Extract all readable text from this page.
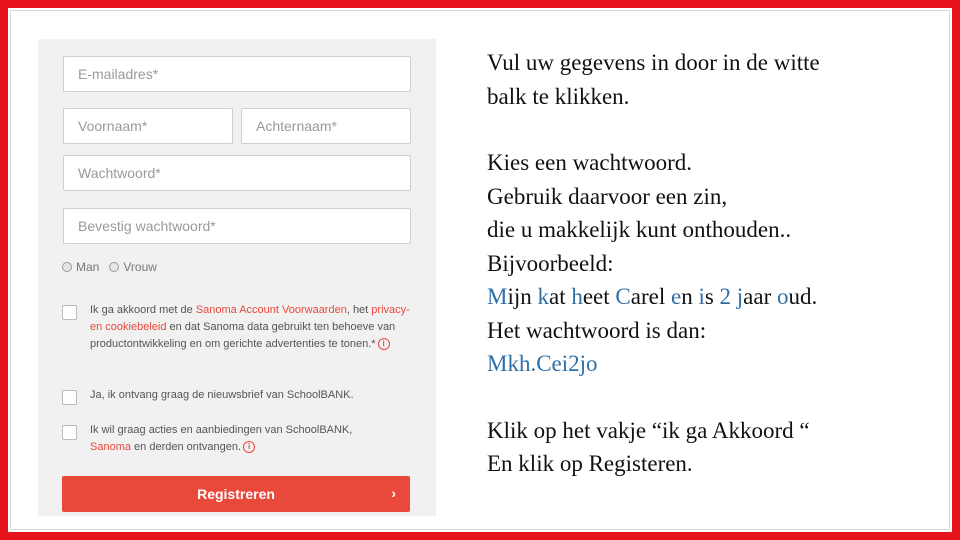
E-mailadres*
Voornaam*
Achternaam*
Wachtwoord*
Bevestig wachtwoord*
Man Vrouw
Ik ga akkoord met de Sanoma Account Voorwaarden, het privacy- en cookiebeleid en dat Sanoma data gebruikt ten behoeve van productontwikkeling en om gerichte advertenties te tonen.* i
Ja, ik ontvang graag de nieuwsbrief van SchoolBANK.
Ik wil graag acties en aanbiedingen van SchoolBANK,
Sanoma en derden ontvangen. i
Registreren	›

Vul uw gegevens in door in de witte

balk te klikken.

Kies een wachtwoord.

Gebruik daarvoor een zin,

die u makkelijk kunt onthouden..

Bijvoorbeeld:

Mijn kat heet Carel en is 2 jaar oud.

Het wachtwoord is dan:

Mkh.Cei2jo

Klik op het vakje “ik ga Akkoord “

En klik op Registeren.
